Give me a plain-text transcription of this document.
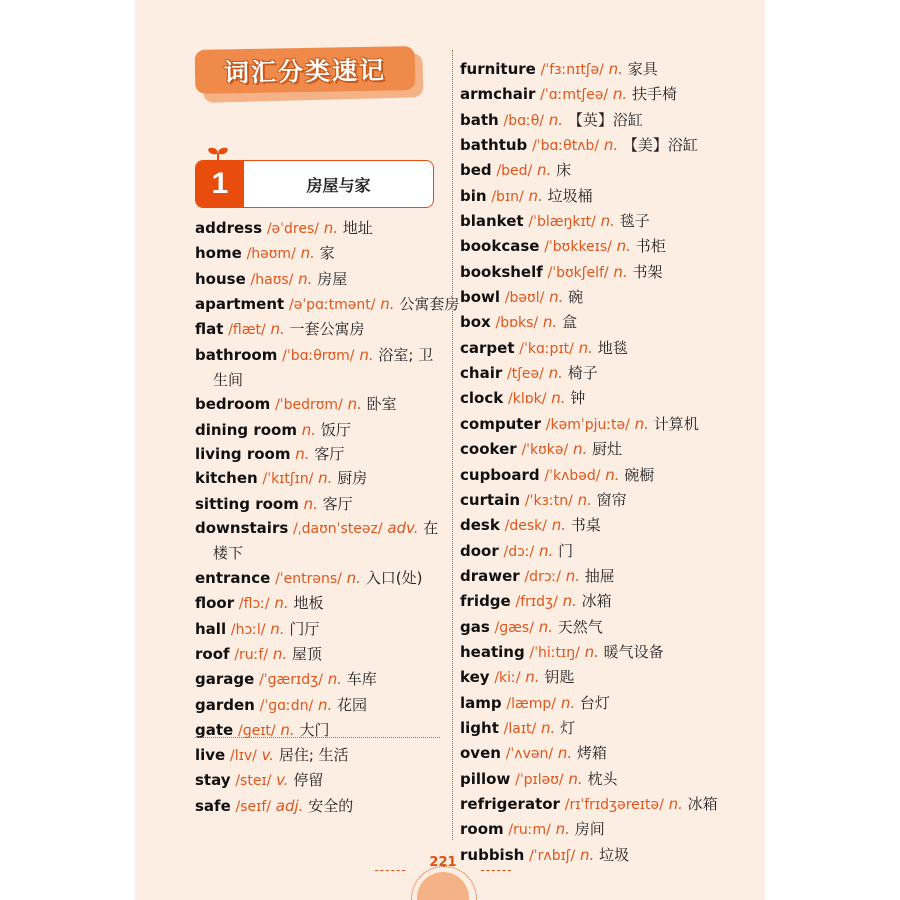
词汇分类速记
1	房屋与家
address /əˈdres/ n. 地址
home /həʊm/ n. 家
house /haʊs/ n. 房屋
apartment /əˈpɑːtmənt/ n. 公寓套房
flat /flæt/ n. 一套公寓房
bathroom /ˈbɑːθrʊm/ n. 浴室; 卫生间
bedroom /ˈbedrʊm/ n. 卧室
dining room n. 饭厅
living room n. 客厅
kitchen /ˈkɪtʃɪn/ n. 厨房
sitting room n. 客厅
downstairs /ˌdaʊnˈsteəz/ adv. 在楼下
entrance /ˈentrəns/ n. 入口(处)
floor /flɔː/ n. 地板
hall /hɔːl/ n. 门厅
roof /ruːf/ n. 屋顶
garage /ˈɡærɪdʒ/ n. 车库
garden /ˈɡɑːdn/ n. 花园
gate /ɡeɪt/ n. 大门
live /lɪv/ v. 居住; 生活
stay /steɪ/ v. 停留
safe /seɪf/ adj. 安全的
furniture /ˈfɜːnɪtʃə/ n. 家具
armchair /ˈɑːmtʃeə/ n. 扶手椅
bath /bɑːθ/ n. 【英】浴缸
bathtub /ˈbɑːθtʌb/ n. 【美】浴缸
bed /bed/ n. 床
bin /bɪn/ n. 垃圾桶
blanket /ˈblæŋkɪt/ n. 毯子
bookcase /ˈbʊkkeɪs/ n. 书柜
bookshelf /ˈbʊkʃelf/ n. 书架
bowl /bəʊl/ n. 碗
box /bɒks/ n. 盒
carpet /ˈkɑːpɪt/ n. 地毯
chair /tʃeə/ n. 椅子
clock /klɒk/ n. 钟
computer /kəmˈpjuːtə/ n. 计算机
cooker /ˈkʊkə/ n. 厨灶
cupboard /ˈkʌbəd/ n. 碗橱
curtain /ˈkɜːtn/ n. 窗帘
desk /desk/ n. 书桌
door /dɔː/ n. 门
drawer /drɔː/ n. 抽屉
fridge /frɪdʒ/ n. 冰箱
gas /ɡæs/ n. 天然气
heating /ˈhiːtɪŋ/ n. 暖气设备
key /kiː/ n. 钥匙
lamp /læmp/ n. 台灯
light /laɪt/ n. 灯
oven /ˈʌvən/ n. 烤箱
pillow /ˈpɪləʊ/ n. 枕头
refrigerator /rɪˈfrɪdʒəreɪtə/ n. 冰箱
room /ruːm/ n. 房间
rubbish /ˈrʌbɪʃ/ n. 垃圾
221
